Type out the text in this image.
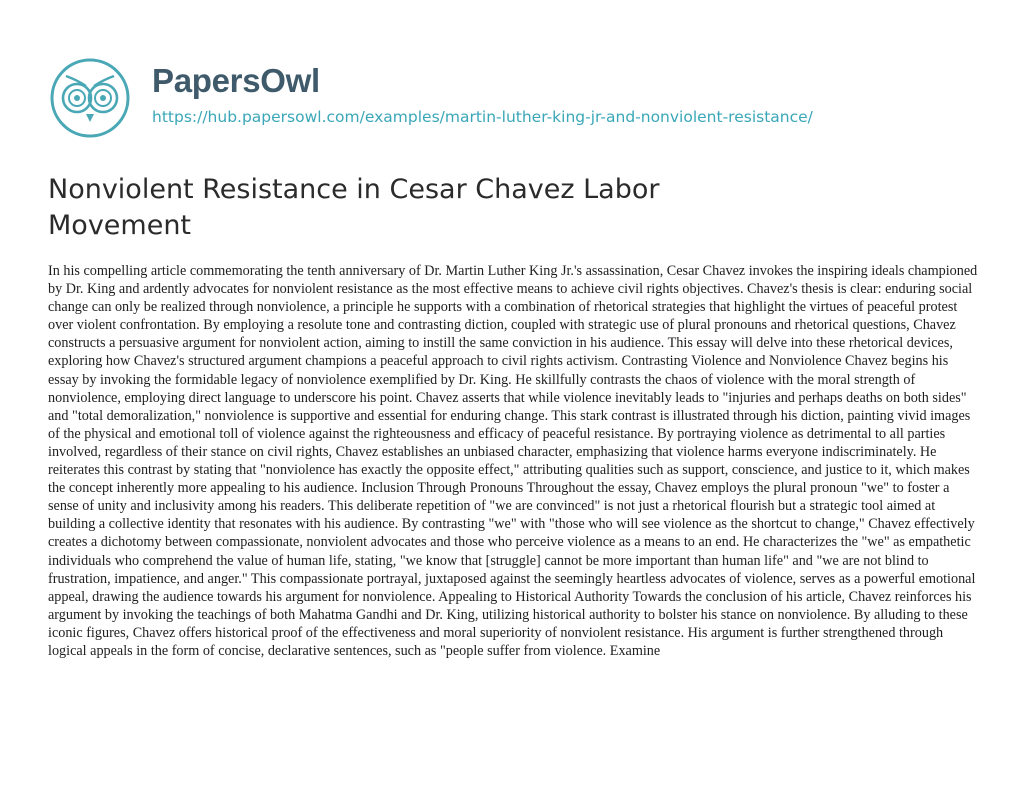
PapersOwl
https://hub.papersowl.com/examples/martin-luther-king-jr-and-nonviolent-resistance/
Nonviolent Resistance in Cesar Chavez Labor Movement

In his compelling article commemorating the tenth anniversary of Dr. Martin Luther King Jr.'s assassination, Cesar Chavez invokes the inspiring ideals championed by Dr. King and ardently advocates for nonviolent resistance as the most effective means to achieve civil rights objectives. Chavez's thesis is clear: enduring social change can only be realized through nonviolence, a principle he supports with a combination of rhetorical strategies that highlight the virtues of peaceful protest over violent confrontation. By employing a resolute tone and contrasting diction, coupled with strategic use of plural pronouns and rhetorical questions, Chavez constructs a persuasive argument for nonviolent action, aiming to instill the same conviction in his audience. This essay will delve into these rhetorical devices, exploring how Chavez's structured argument champions a peaceful approach to civil rights activism. Contrasting Violence and Nonviolence Chavez begins his essay by invoking the formidable legacy of nonviolence exemplified by Dr. King. He skillfully contrasts the chaos of violence with the moral strength of nonviolence, employing direct language to underscore his point. Chavez asserts that while violence inevitably leads to "injuries and perhaps deaths on both sides" and "total demoralization," nonviolence is supportive and essential for enduring change. This stark contrast is illustrated through his diction, painting vivid images of the physical and emotional toll of violence against the righteousness and efficacy of peaceful resistance. By portraying violence as detrimental to all parties involved, regardless of their stance on civil rights, Chavez establishes an unbiased character, emphasizing that violence harms everyone indiscriminately. He reiterates this contrast by stating that "nonviolence has exactly the opposite effect," attributing qualities such as support, conscience, and justice to it, which makes the concept inherently more appealing to his audience. Inclusion Through Pronouns Throughout the essay, Chavez employs the plural pronoun "we" to foster a sense of unity and inclusivity among his readers. This deliberate repetition of "we are convinced" is not just a rhetorical flourish but a strategic tool aimed at building a collective identity that resonates with his audience. By contrasting "we" with "those who will see violence as the shortcut to change," Chavez effectively creates a dichotomy between compassionate, nonviolent advocates and those who perceive violence as a means to an end. He characterizes the "we" as empathetic individuals who comprehend the value of human life, stating, "we know that [struggle] cannot be more important than human life" and "we are not blind to frustration, impatience, and anger." This compassionate portrayal, juxtaposed against the seemingly heartless advocates of violence, serves as a powerful emotional appeal, drawing the audience towards his argument for nonviolence. Appealing to Historical Authority Towards the conclusion of his article, Chavez reinforces his argument by invoking the teachings of both Mahatma Gandhi and Dr. King, utilizing historical authority to bolster his stance on nonviolence. By alluding to these iconic figures, Chavez offers historical proof of the effectiveness and moral superiority of nonviolent resistance. His argument is further strengthened through logical appeals in the form of concise, declarative sentences, such as "people suffer from violence. Examine
